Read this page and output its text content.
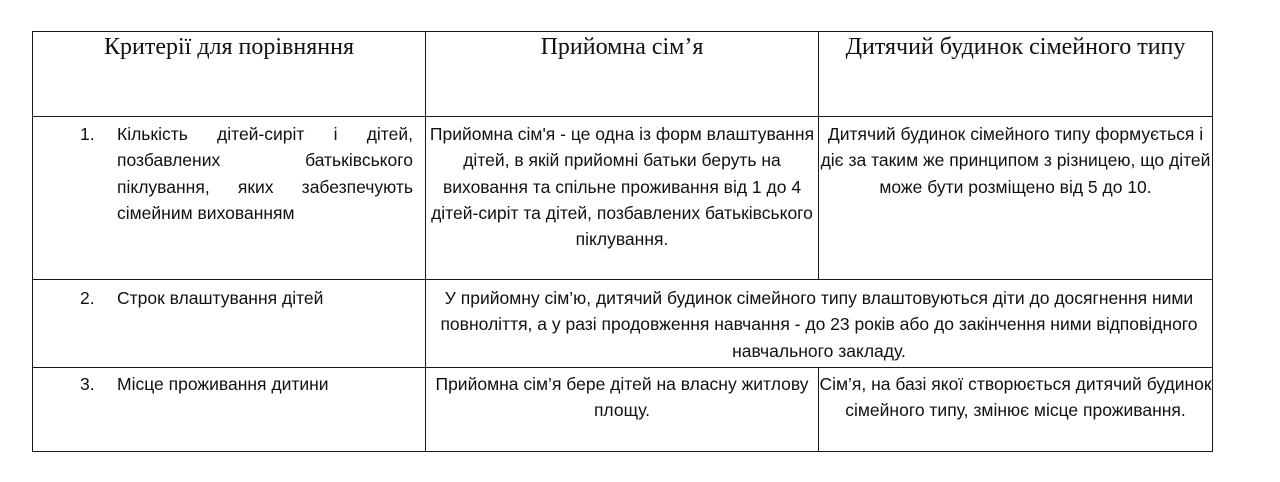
Критерії для порівняння	Прийомна сім’я	Дитячий будинок сімейного типу

1. Кількість дітей-сиріт і дітей, позбавлених батьківського піклування, яких забезпечують сімейним вихованням	Прийомна сім'я - це одна із форм влаштування дітей, в якій прийомні батьки беруть на виховання та спільне проживання від 1 до 4 дітей-сиріт та дітей, позбавлених батьківського піклування.	Дитячий будинок сімейного типу формується і діє за таким же принципом з різницею, що дітей може бути розміщено від 5 до 10.

2. Строк влаштування дітей	У прийомну сім’ю, дитячий будинок сімейного типу влаштовуються діти до досягнення ними повноліття, а у разі продовження навчання - до 23 років або до закінчення ними відповідного навчального закладу.	

3. Місце проживання дитини	Прийомна сім’я бере дітей на власну житлову площу.	Сім’я, на базі якої створюється дитячий будинок сімейного типу, змінює місце проживання.
